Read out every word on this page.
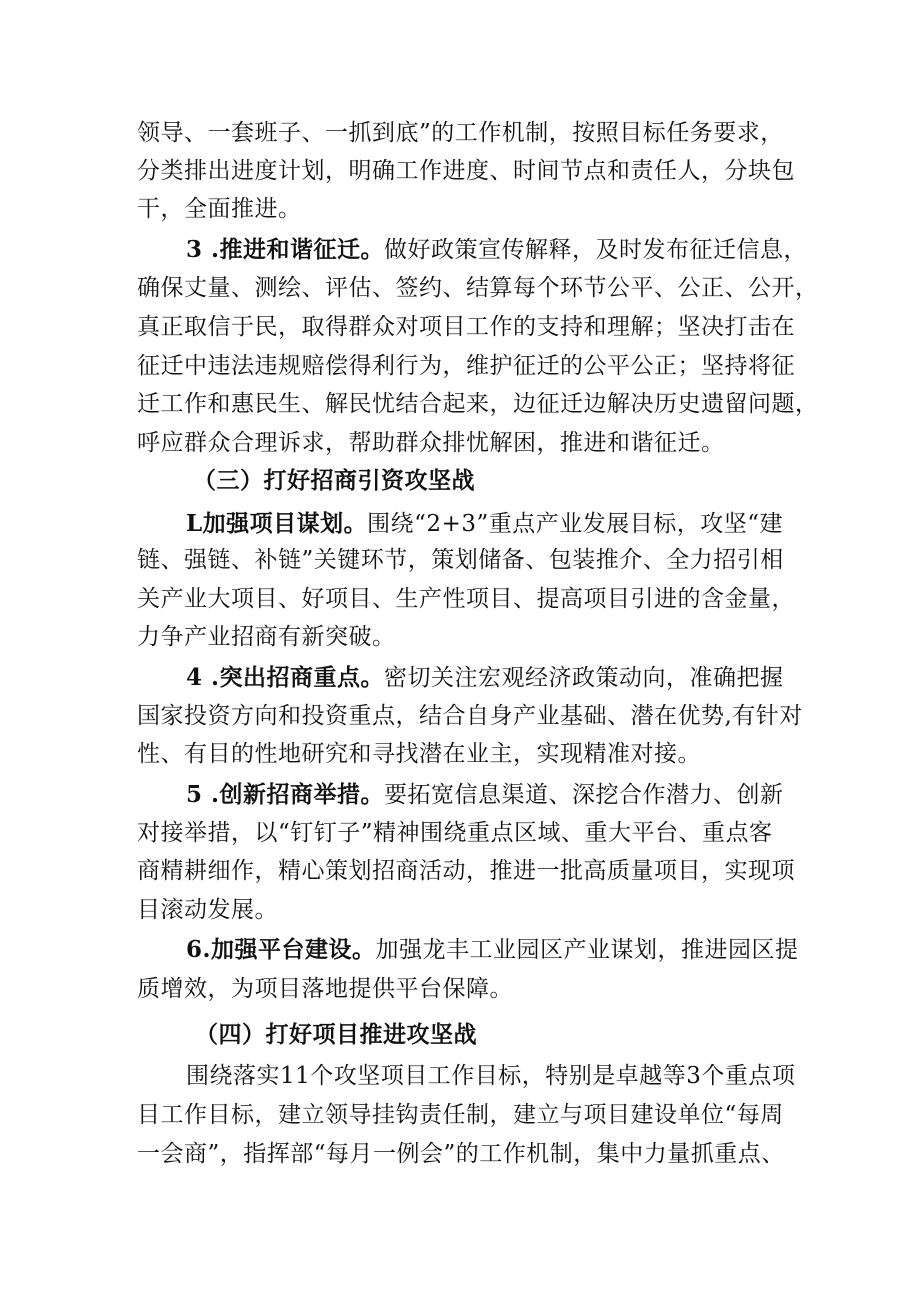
领导、一套班子、一抓到底”的工作机制，按照目标任务要求，
分类排出进度计划，明确工作进度、时间节点和责任人，分块包
干，全面推进。
3 .推进和谐征迁。做好政策宣传解释，及时发布征迁信息，
确保丈量、测绘、评估、签约、结算每个环节公平、公正、公开，
真正取信于民，取得群众对项目工作的支持和理解；坚决打击在
征迁中违法违规赔偿得利行为，维护征迁的公平公正；坚持将征
迁工作和惠民生、解民忧结合起来，边征迁边解决历史遗留问题，
呼应群众合理诉求，帮助群众排忧解困，推进和谐征迁。
（三）打好招商引资攻坚战
L加强项目谋划。围绕“2+3”重点产业发展目标，攻坚“建
链、强链、补链”关键环节，策划储备、包装推介、全力招引相
关产业大项目、好项目、生产性项目、提高项目引进的含金量，
力争产业招商有新突破。
4 .突出招商重点。密切关注宏观经济政策动向，准确把握
国家投资方向和投资重点，结合自身产业基础、潜在优势,有针对
性、有目的性地研究和寻找潜在业主，实现精准对接。
5 .创新招商举措。要拓宽信息渠道、深挖合作潜力、创新
对接举措，以“钉钉子”精神围绕重点区域、重大平台、重点客
商精耕细作，精心策划招商活动，推进一批高质量项目，实现项
目滚动发展。
6.加强平台建设。加强龙丰工业园区产业谋划，推进园区提
质增效，为项目落地提供平台保障。
（四）打好项目推进攻坚战
围绕落实11个攻坚项目工作目标，特别是卓越等3个重点项
目工作目标，建立领导挂钩责任制，建立与项目建设单位“每周
一会商”，指挥部“每月一例会”的工作机制，集中力量抓重点、
